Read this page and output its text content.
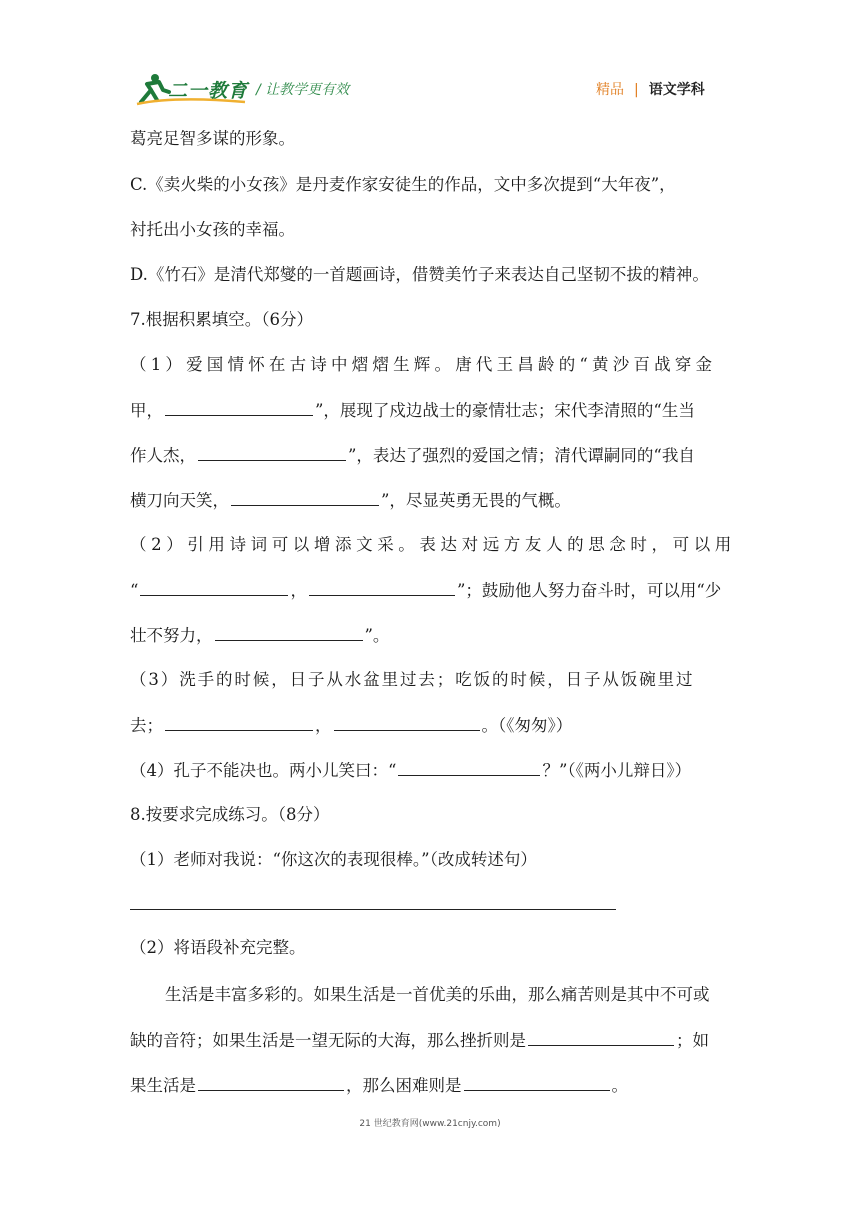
二一教育 / 让教学更有效	精品 | 语文学科
葛亮足智多谋的形象。
C.《卖火柴的小女孩》是丹麦作家安徒生的作品，文中多次提到“大年夜”，
衬托出小女孩的幸福。
D.《竹石》是清代郑燮的一首题画诗，借赞美竹子来表达自己坚韧不拔的精神。
7.根据积累填空。（6分）
（1）爱国情怀在古诗中熠熠生辉。唐代王昌龄的“黄沙百战穿金
甲，	”，展现了戍边战士的豪情壮志；宋代李清照的“生当
作人杰，	”，表达了强烈的爱国之情；清代谭嗣同的“我自
横刀向天笑，	”，尽显英勇无畏的气概。
（2）引用诗词可以增添文采。表达对远方友人的思念时，可以用
“	，	”；鼓励他人努力奋斗时，可以用“少
壮不努力，	”。
（3）洗手的时候，日子从水盆里过去；吃饭的时候，日子从饭碗里过
去；	，	。（《匆匆》）
（4）孔子不能决也。两小儿笑曰：“	？”（《两小儿辩日》）
8.按要求完成练习。（8分）
（1）老师对我说：“你这次的表现很棒。”（改成转述句）
（2）将语段补充完整。
生活是丰富多彩的。如果生活是一首优美的乐曲，那么痛苦则是其中不可或
缺的音符；如果生活是一望无际的大海，那么挫折则是	；如
果生活是	，那么困难则是	。
21 世纪教育网(www.21cnjy.com)
